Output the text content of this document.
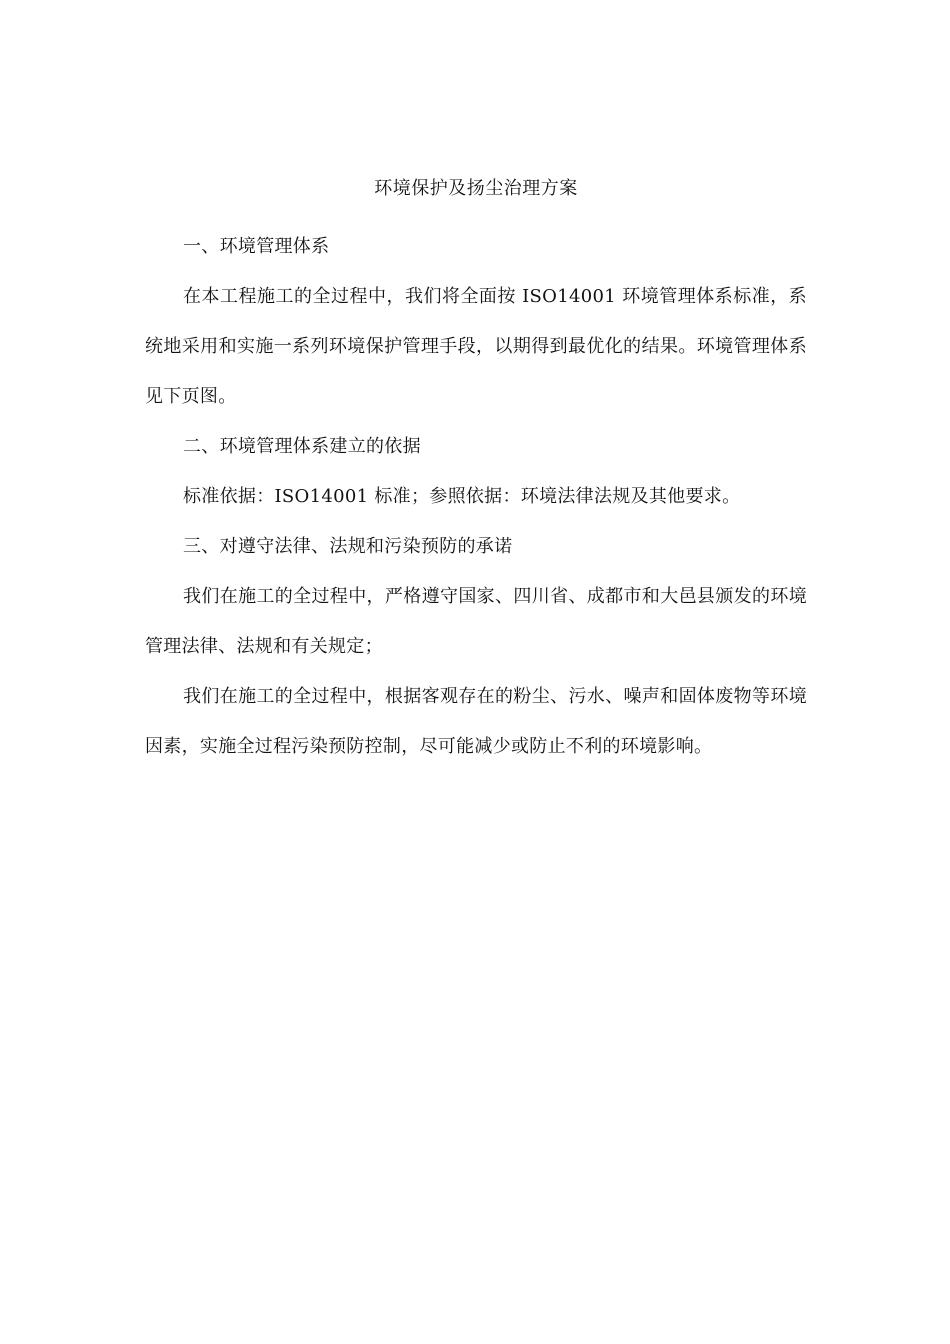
环境保护及扬尘治理方案

一、环境管理体系

在本工程施工的全过程中，我们将全面按 ISO14001 环境管理体系标准，系统地采用和实施一系列环境保护管理手段，以期得到最优化的结果。环境管理体系见下页图。

二、环境管理体系建立的依据

标准依据：ISO14001 标准；参照依据：环境法律法规及其他要求。

三、对遵守法律、法规和污染预防的承诺

我们在施工的全过程中，严格遵守国家、四川省、成都市和大邑县颁发的环境管理法律、法规和有关规定；

我们在施工的全过程中，根据客观存在的粉尘、污水、噪声和固体废物等环境因素，实施全过程污染预防控制，尽可能减少或防止不利的环境影响。
